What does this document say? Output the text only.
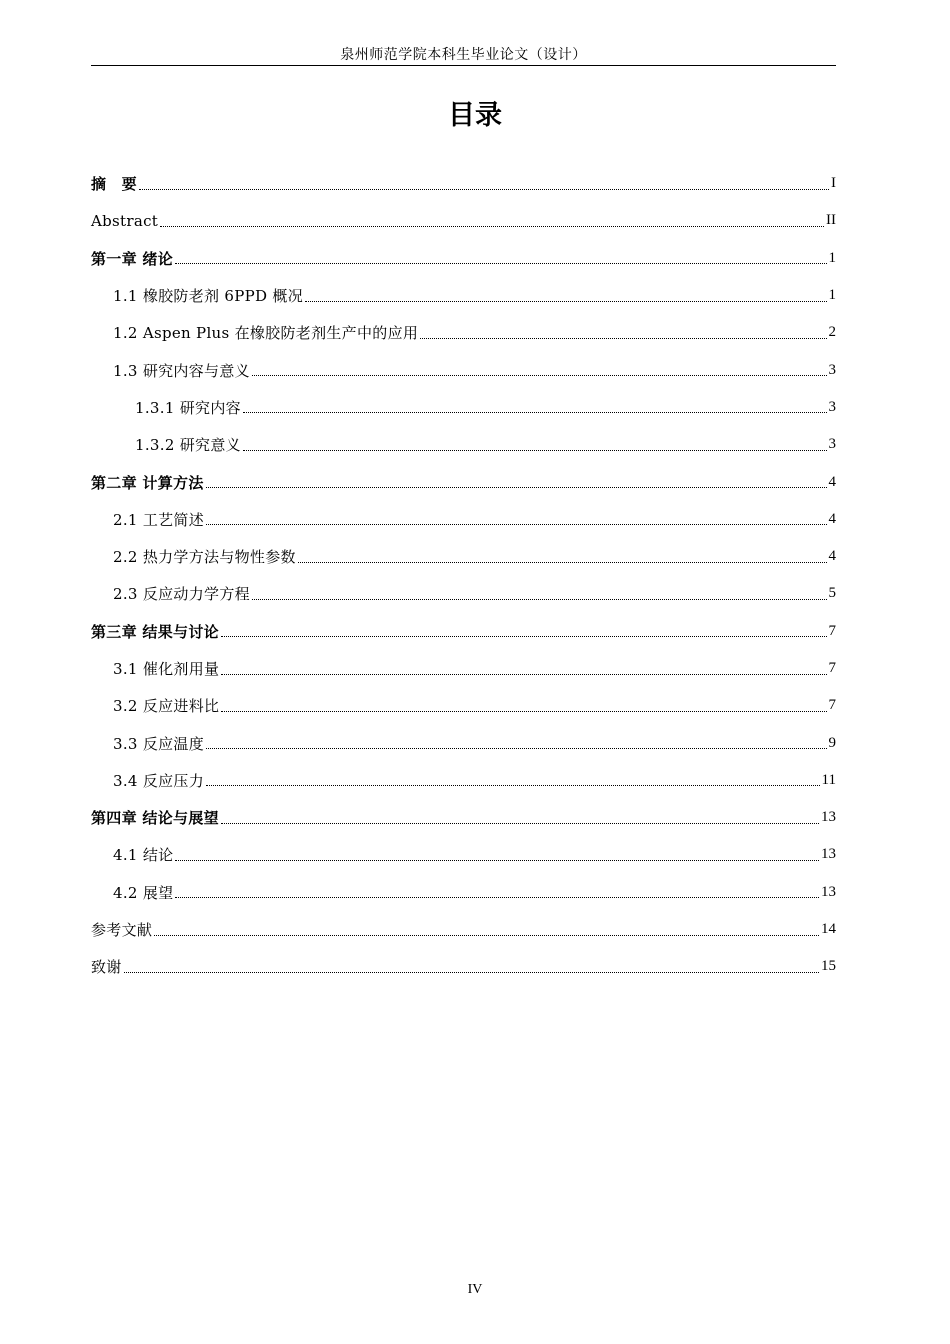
泉州师范学院本科生毕业论文（设计）
目录
摘　要	I
Abstract	II
第一章 绪论	1
1.1 橡胶防老剂 6PPD 概况	1
1.2 Aspen Plus 在橡胶防老剂生产中的应用	2
1.3 研究内容与意义	3
1.3.1 研究内容	3
1.3.2 研究意义	3
第二章 计算方法	4
2.1 工艺简述	4
2.2 热力学方法与物性参数	4
2.3 反应动力学方程	5
第三章 结果与讨论	7
3.1 催化剂用量	7
3.2 反应进料比	7
3.3 反应温度	9
3.4 反应压力	11
第四章 结论与展望	13
4.1 结论	13
4.2 展望	13
参考文献	14
致谢	15
IV
